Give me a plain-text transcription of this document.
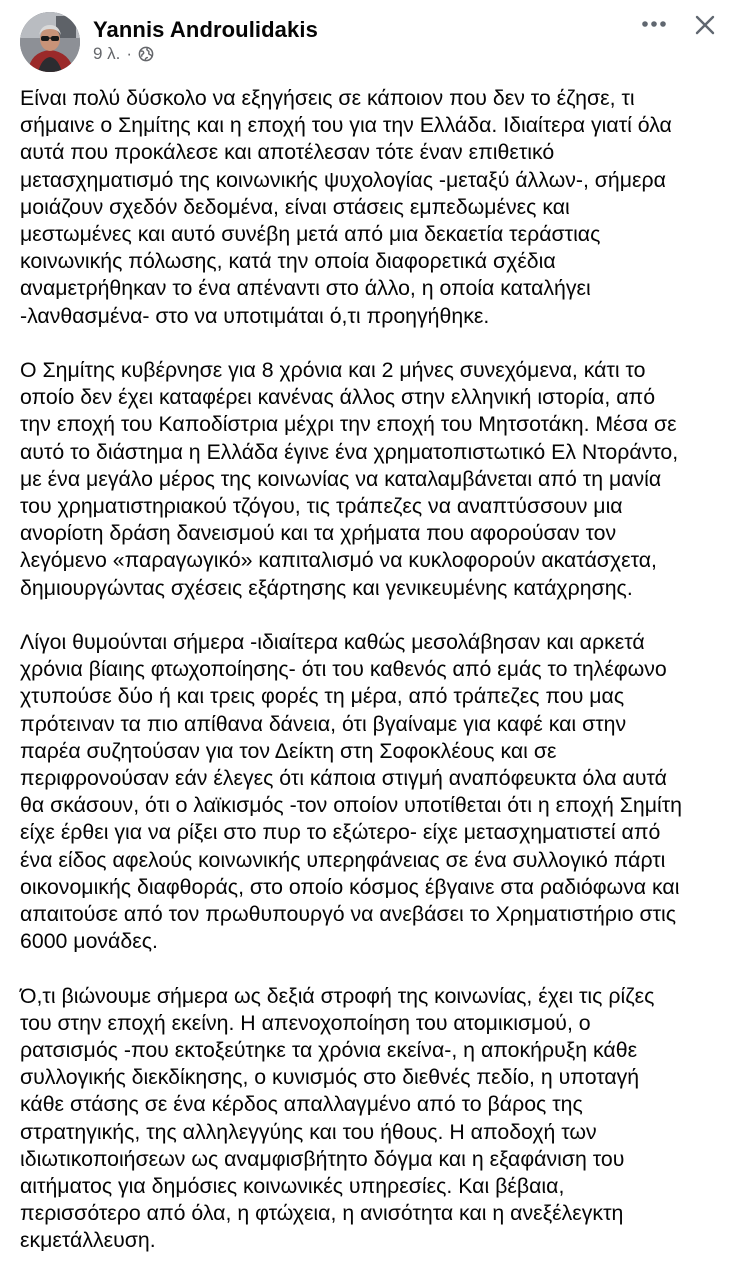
Yannis Androulidakis
9 λ. ·
Είναι πολύ δύσκολο να εξηγήσεις σε κάποιον που δεν το έζησε, τι
σήμαινε ο Σημίτης και η εποχή του για την Ελλάδα. Ιδιαίτερα γιατί όλα
αυτά που προκάλεσε και αποτέλεσαν τότε έναν επιθετικό
μετασχηματισμό της κοινωνικής ψυχολογίας -μεταξύ άλλων-, σήμερα
μοιάζουν σχεδόν δεδομένα, είναι στάσεις εμπεδωμένες και
μεστωμένες και αυτό συνέβη μετά από μια δεκαετία τεράστιας
κοινωνικής πόλωσης, κατά την οποία διαφορετικά σχέδια
αναμετρήθηκαν το ένα απέναντι στο άλλο, η οποία καταλήγει
-λανθασμένα- στο να υποτιμάται ό,τι προηγήθηκε.
Ο Σημίτης κυβέρνησε για 8 χρόνια και 2 μήνες συνεχόμενα, κάτι το
οποίο δεν έχει καταφέρει κανένας άλλος στην ελληνική ιστορία, από
την εποχή του Καποδίστρια μέχρι την εποχή του Μητσοτάκη. Μέσα σε
αυτό το διάστημα η Ελλάδα έγινε ένα χρηματοπιστωτικό Ελ Ντοράντο,
με ένα μεγάλο μέρος της κοινωνίας να καταλαμβάνεται από τη μανία
του χρηματιστηριακού τζόγου, τις τράπεζες να αναπτύσσουν μια
ανορίοτη δράση δανεισμού και τα χρήματα που αφορούσαν τον
λεγόμενο «παραγωγικό» καπιταλισμό να κυκλοφορούν ακατάσχετα,
δημιουργώντας σχέσεις εξάρτησης και γενικευμένης κατάχρησης.
Λίγοι θυμούνται σήμερα -ιδιαίτερα καθώς μεσολάβησαν και αρκετά
χρόνια βίαιης φτωχοποίησης- ότι του καθενός από εμάς το τηλέφωνο
χτυπούσε δύο ή και τρεις φορές τη μέρα, από τράπεζες που μας
πρότειναν τα πιο απίθανα δάνεια, ότι βγαίναμε για καφέ και στην
παρέα συζητούσαν για τον Δείκτη στη Σοφοκλέους και σε
περιφρονούσαν εάν έλεγες ότι κάποια στιγμή αναπόφευκτα όλα αυτά
θα σκάσουν, ότι ο λαϊκισμός -τον οποίον υποτίθεται ότι η εποχή Σημίτη
είχε έρθει για να ρίξει στο πυρ το εξώτερο- είχε μετασχηματιστεί από
ένα είδος αφελούς κοινωνικής υπερηφάνειας σε ένα συλλογικό πάρτι
οικονομικής διαφθοράς, στο οποίο κόσμος έβγαινε στα ραδιόφωνα και
απαιτούσε από τον πρωθυπουργό να ανεβάσει το Χρηματιστήριο στις
6000 μονάδες.
Ό,τι βιώνουμε σήμερα ως δεξιά στροφή της κοινωνίας, έχει τις ρίζες
του στην εποχή εκείνη. Η απενοχοποίηση του ατομικισμού, ο
ρατσισμός -που εκτοξεύτηκε τα χρόνια εκείνα-, η αποκήρυξη κάθε
συλλογικής διεκδίκησης, ο κυνισμός στο διεθνές πεδίο, η υποταγή
κάθε στάσης σε ένα κέρδος απαλλαγμένο από το βάρος της
στρατηγικής, της αλληλεγγύης και του ήθους. Η αποδοχή των
ιδιωτικοποιήσεων ως αναμφισβήτητο δόγμα και η εξαφάνιση του
αιτήματος για δημόσιες κοινωνικές υπηρεσίες. Και βέβαια,
περισσότερο από όλα, η φτώχεια, η ανισότητα και η ανεξέλεγκτη
εκμετάλλευση.
